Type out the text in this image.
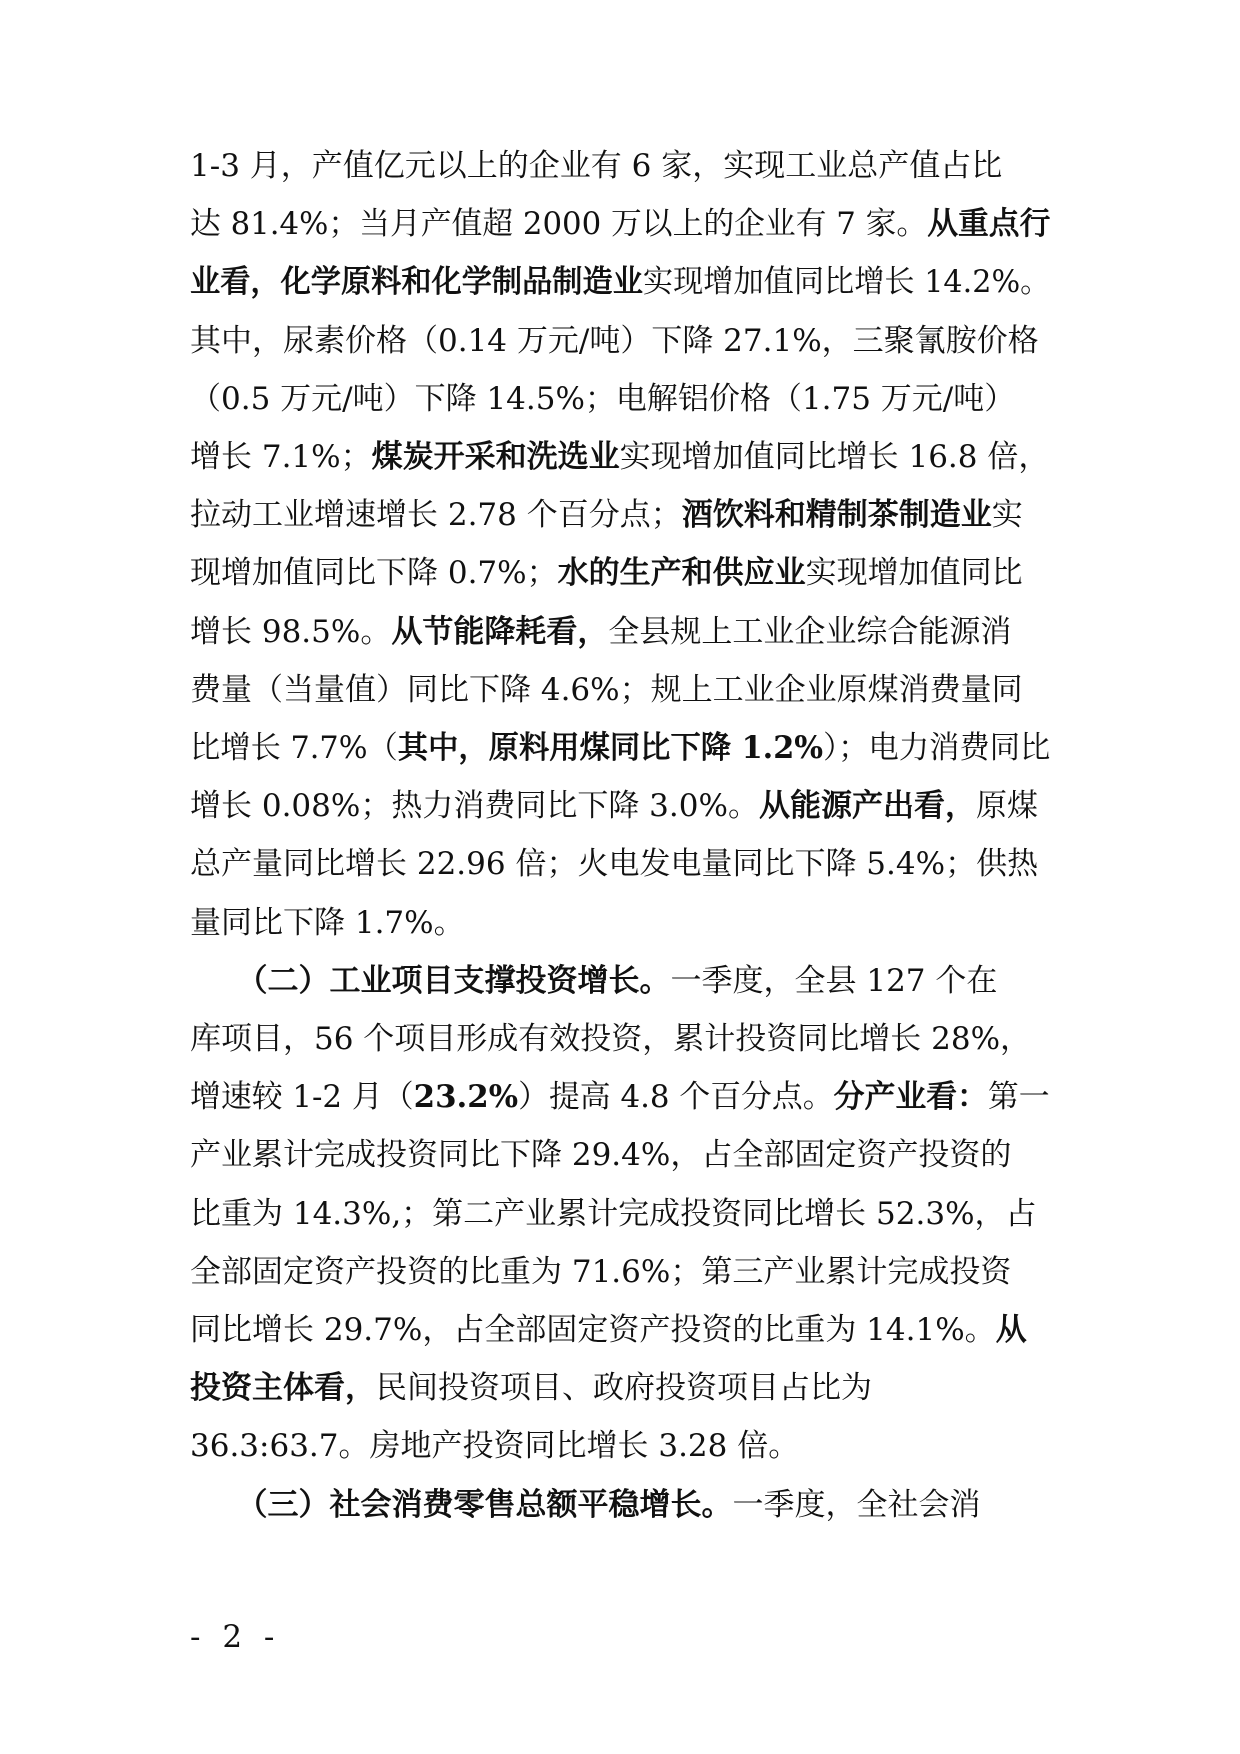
1-3 月，产值亿元以上的企业有 6 家，实现工业总产值占比
达 81.4%；当月产值超 2000 万以上的企业有 7 家。 从重点行
业看，化学原料和化学制品制造业 实现增加值同比增长 14.2%。
其中，尿素价格（0.14 万元/吨）下降 27.1%，三聚氰胺价格
（0.5 万元/吨）下降 14.5%；电解铝价格（1.75 万元/吨）
增长 7.1%； 煤炭开采和洗选业 实现增加值同比增长 16.8 倍，
拉动工业增速增长 2.78 个百分点； 酒饮料和精制茶制造业 实
现增加值同比下降 0.7%； 水的生产和供应业 实现增加值同比
增长 98.5%。 从节能降耗看， 全县规上工业企业综合能源消
费量（当量值）同比下降 4.6%；规上工业企业原煤消费量同
比增长 7.7%（ 其中，原料用煤同比下降 1.2% ）；电力消费同比
增长 0.08%；热力消费同比下降 3.0%。 从能源产出看， 原煤
总产量同比增长 22.96 倍；火电发电量同比下降 5.4%；供热
量同比下降 1.7%。
　　（二）工业项目支撑投资增长。 一季度，全县 127 个在
库项目，56 个项目形成有效投资，累计投资同比增长 28%，
增速较 1-2 月（ 23.2% ）提高 4.8 个百分点。 分产业看： 第一
产业累计完成投资同比下降 29.4%，占全部固定资产投资的
比重为 14.3%,；第二产业累计完成投资同比增长 52.3%，占
全部固定资产投资的比重为 71.6%；第三产业累计完成投资
同比增长 29.7%，占全部固定资产投资的比重为 14.1%。 从
投资主体看， 民间投资项目、政府投资项目占比为
36.3:63.7。房地产投资同比增长 3.28 倍。
　　（三）社会消费零售总额平稳增长。 一季度，全社会消
- 2 -
